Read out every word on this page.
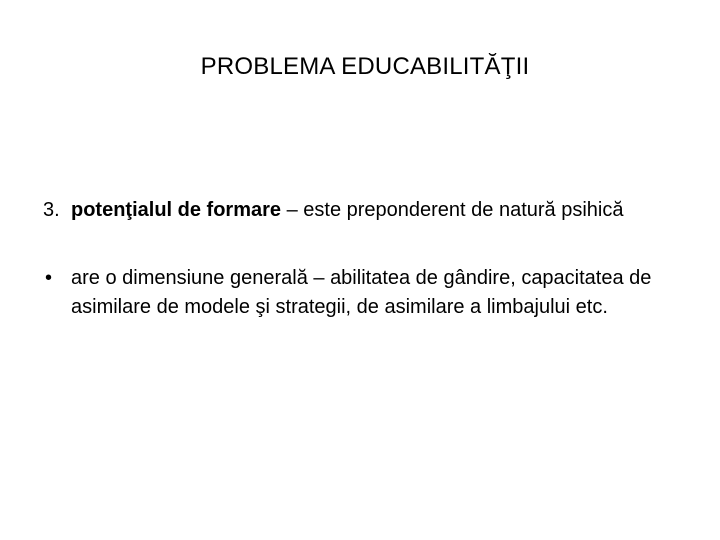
PROBLEMA EDUCABILITĂŢII
3. potenţialul de formare – este preponderent de natură psihică
• are o dimensiune generală – abilitatea de gândire, capacitatea de asimilare de modele şi strategii, de asimilare a limbajului etc.
